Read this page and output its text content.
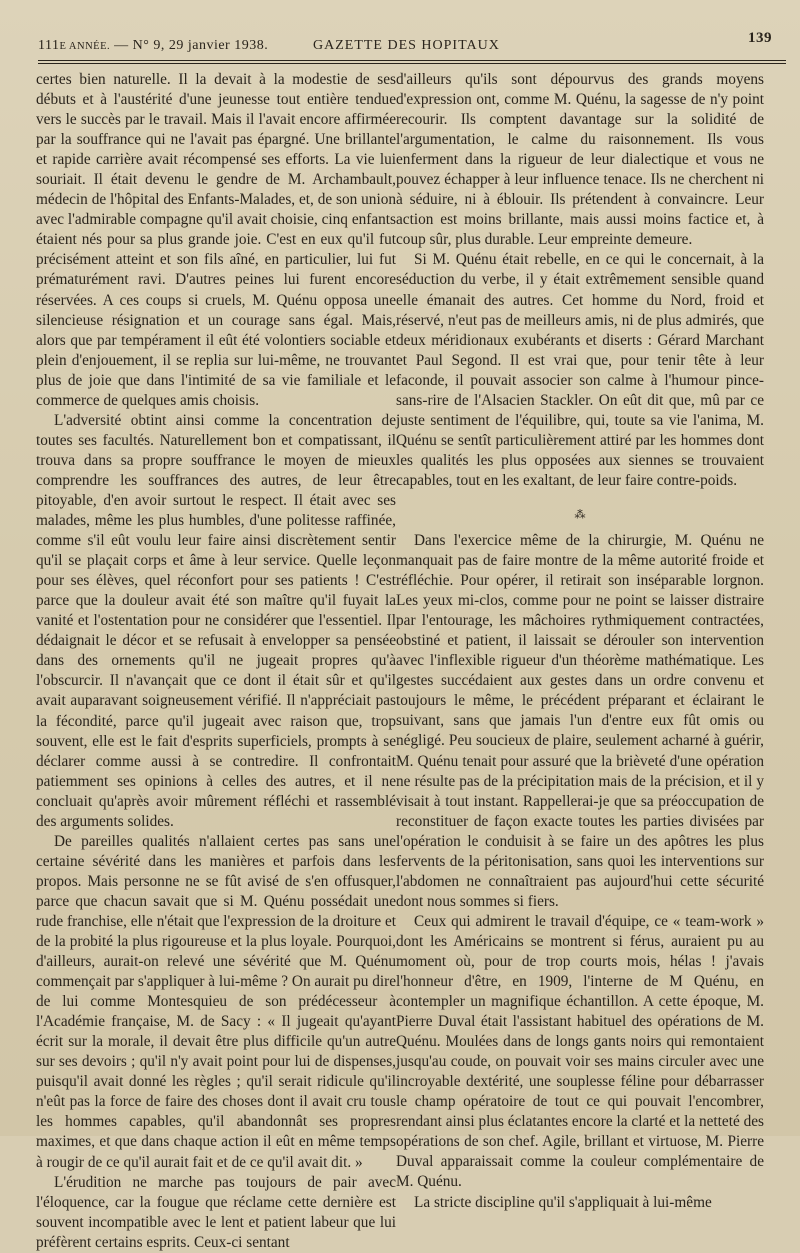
111E ANNÉE. — N° 9, 29 janvier 1938.	GAZETTE DES HOPITAUX	139

certes bien naturelle. Il la devait à la modestie de ses débuts et à l'austérité d'une jeunesse tout entière tendue vers le succès par le travail. Mais il l'avait encore affirmée par la souffrance qui ne l'avait pas épargné. Une brillante et rapide carrière avait récompensé ses efforts. La vie lui souriait. Il était devenu le gendre de M. Archambault, médecin de l'hôpital des Enfants-Malades, et, de son union avec l'admirable compagne qu'il avait choisie, cinq enfants étaient nés pour sa plus grande joie. C'est en eux qu'il fut précisément atteint et son fils aîné, en particulier, lui fut prématurément ravi. D'autres peines lui furent encore réservées. A ces coups si cruels, M. Quénu opposa une silencieuse résignation et un courage sans égal. Mais, alors que par tempérament il eût été volontiers sociable et plein d'enjouement, il se replia sur lui-même, ne trouvant plus de joie que dans l'intimité de sa vie familiale et le commerce de quelques amis choisis.

L'adversité obtint ainsi comme la concentration de toutes ses facultés. Naturellement bon et compatissant, il trouva dans sa propre souffrance le moyen de mieux comprendre les souffrances des autres, de leur être pitoyable, d'en avoir surtout le respect. Il était avec ses malades, même les plus humbles, d'une politesse raffinée, comme s'il eût voulu leur faire ainsi discrètement sentir qu'il se plaçait corps et âme à leur service. Quelle leçon pour ses élèves, quel réconfort pour ses patients ! C'est parce que la douleur avait été son maître qu'il fuyait la vanité et l'ostentation pour ne considérer que l'essentiel. Il dédaignait le décor et se refusait à envelopper sa pensée dans des ornements qu'il ne jugeait propres qu'à l'obscurcir. Il n'avançait que ce dont il était sûr et qu'il avait auparavant soigneusement vérifié. Il n'appréciait pas la fécondité, parce qu'il jugeait avec raison que, trop souvent, elle est le fait d'esprits superficiels, prompts à se déclarer comme aussi à se contredire. Il confrontait patiemment ses opinions à celles des autres, et il ne concluait qu'après avoir mûrement réfléchi et rassemblé des arguments solides.

De pareilles qualités n'allaient certes pas sans une certaine sévérité dans les manières et parfois dans les propos. Mais personne ne se fût avisé de s'en offusquer, parce que chacun savait que si M. Quénu possédait une rude franchise, elle n'était que l'expression de la droiture et de la probité la plus rigoureuse et la plus loyale. Pourquoi, d'ailleurs, aurait-on relevé une sévérité que M. Quénu commençait par s'appliquer à lui-même ? On aurait pu dire de lui comme Montesquieu de son prédécesseur à l'Académie française, M. de Sacy : « Il jugeait qu'ayant écrit sur la morale, il devait être plus difficile qu'un autre sur ses devoirs ; qu'il n'y avait point pour lui de dispenses, puisqu'il avait donné les règles ; qu'il serait ridicule qu'il n'eût pas la force de faire des choses dont il avait cru tous les hommes capables, qu'il abandonnât ses propres maximes, et que dans chaque action il eût en même temps à rougir de ce qu'il aurait fait et de ce qu'il avait dit. »

L'érudition ne marche pas toujours de pair avec l'éloquence, car la fougue que réclame cette dernière est souvent incompatible avec le lent et patient labeur que lui préfèrent certains esprits. Ceux-ci sentant

d'ailleurs qu'ils sont dépourvus des grands moyens d'expression ont, comme M. Quénu, la sagesse de n'y point recourir. Ils comptent davantage sur la solidité de l'argumentation, le calme du raisonnement. Ils vous enferment dans la rigueur de leur dialectique et vous ne pouvez échapper à leur influence tenace. Ils ne cherchent ni à séduire, ni à éblouir. Ils prétendent à convaincre. Leur action est moins brillante, mais aussi moins factice et, à coup sûr, plus durable. Leur empreinte demeure.

Si M. Quénu était rebelle, en ce qui le concernait, à la séduction du verbe, il y était extrêmement sensible quand elle émanait des autres. Cet homme du Nord, froid et réservé, n'eut pas de meilleurs amis, ni de plus admirés, que deux méridionaux exubérants et diserts : Gérard Marchant et Paul Segond. Il est vrai que, pour tenir tête à leur faconde, il pouvait associer son calme à l'humour pince-sans-rire de l'Alsacien Stackler. On eût dit que, mû par ce juste sentiment de l'équilibre, qui, toute sa vie l'anima, M. Quénu se sentît particulièrement attiré par les hommes dont les qualités les plus opposées aux siennes se trouvaient capables, tout en les exaltant, de leur faire contre-poids.

⁂

Dans l'exercice même de la chirurgie, M. Quénu ne manquait pas de faire montre de la même autorité froide et réfléchie. Pour opérer, il retirait son inséparable lorgnon. Les yeux mi-clos, comme pour ne point se laisser distraire par l'entourage, les mâchoires rythmiquement contractées, obstiné et patient, il laissait se dérouler son intervention avec l'inflexible rigueur d'un théorème mathématique. Les gestes succédaient aux gestes dans un ordre convenu et toujours le même, le précédent préparant et éclairant le suivant, sans que jamais l'un d'entre eux fût omis ou négligé. Peu soucieux de plaire, seulement acharné à guérir, M. Quénu tenait pour assuré que la brièveté d'une opération ne résulte pas de la précipitation mais de la précision, et il y visait à tout instant. Rappellerai-je que sa préoccupation de reconstituer de façon exacte toutes les parties divisées par l'opération le conduisit à se faire un des apôtres les plus fervents de la péritonisation, sans quoi les interventions sur l'abdomen ne connaîtraient pas aujourd'hui cette sécurité dont nous sommes si fiers.

Ceux qui admirent le travail d'équipe, ce « team-work » dont les Américains se montrent si férus, auraient pu au moment où, pour de trop courts mois, hélas ! j'avais l'honneur d'être, en 1909, l'interne de M Quénu, en contempler un magnifique échantillon. A cette époque, M. Pierre Duval était l'assistant habituel des opérations de M. Quénu. Moulées dans de longs gants noirs qui remontaient jusqu'au coude, on pouvait voir ses mains circuler avec une incroyable dextérité, une souplesse féline pour débarrasser le champ opératoire de tout ce qui pouvait l'encombrer, rendant ainsi plus éclatantes encore la clarté et la netteté des opérations de son chef. Agile, brillant et virtuose, M. Pierre Duval apparaissait comme la couleur complémentaire de M. Quénu.

La stricte discipline qu'il s'appliquait à lui-même
